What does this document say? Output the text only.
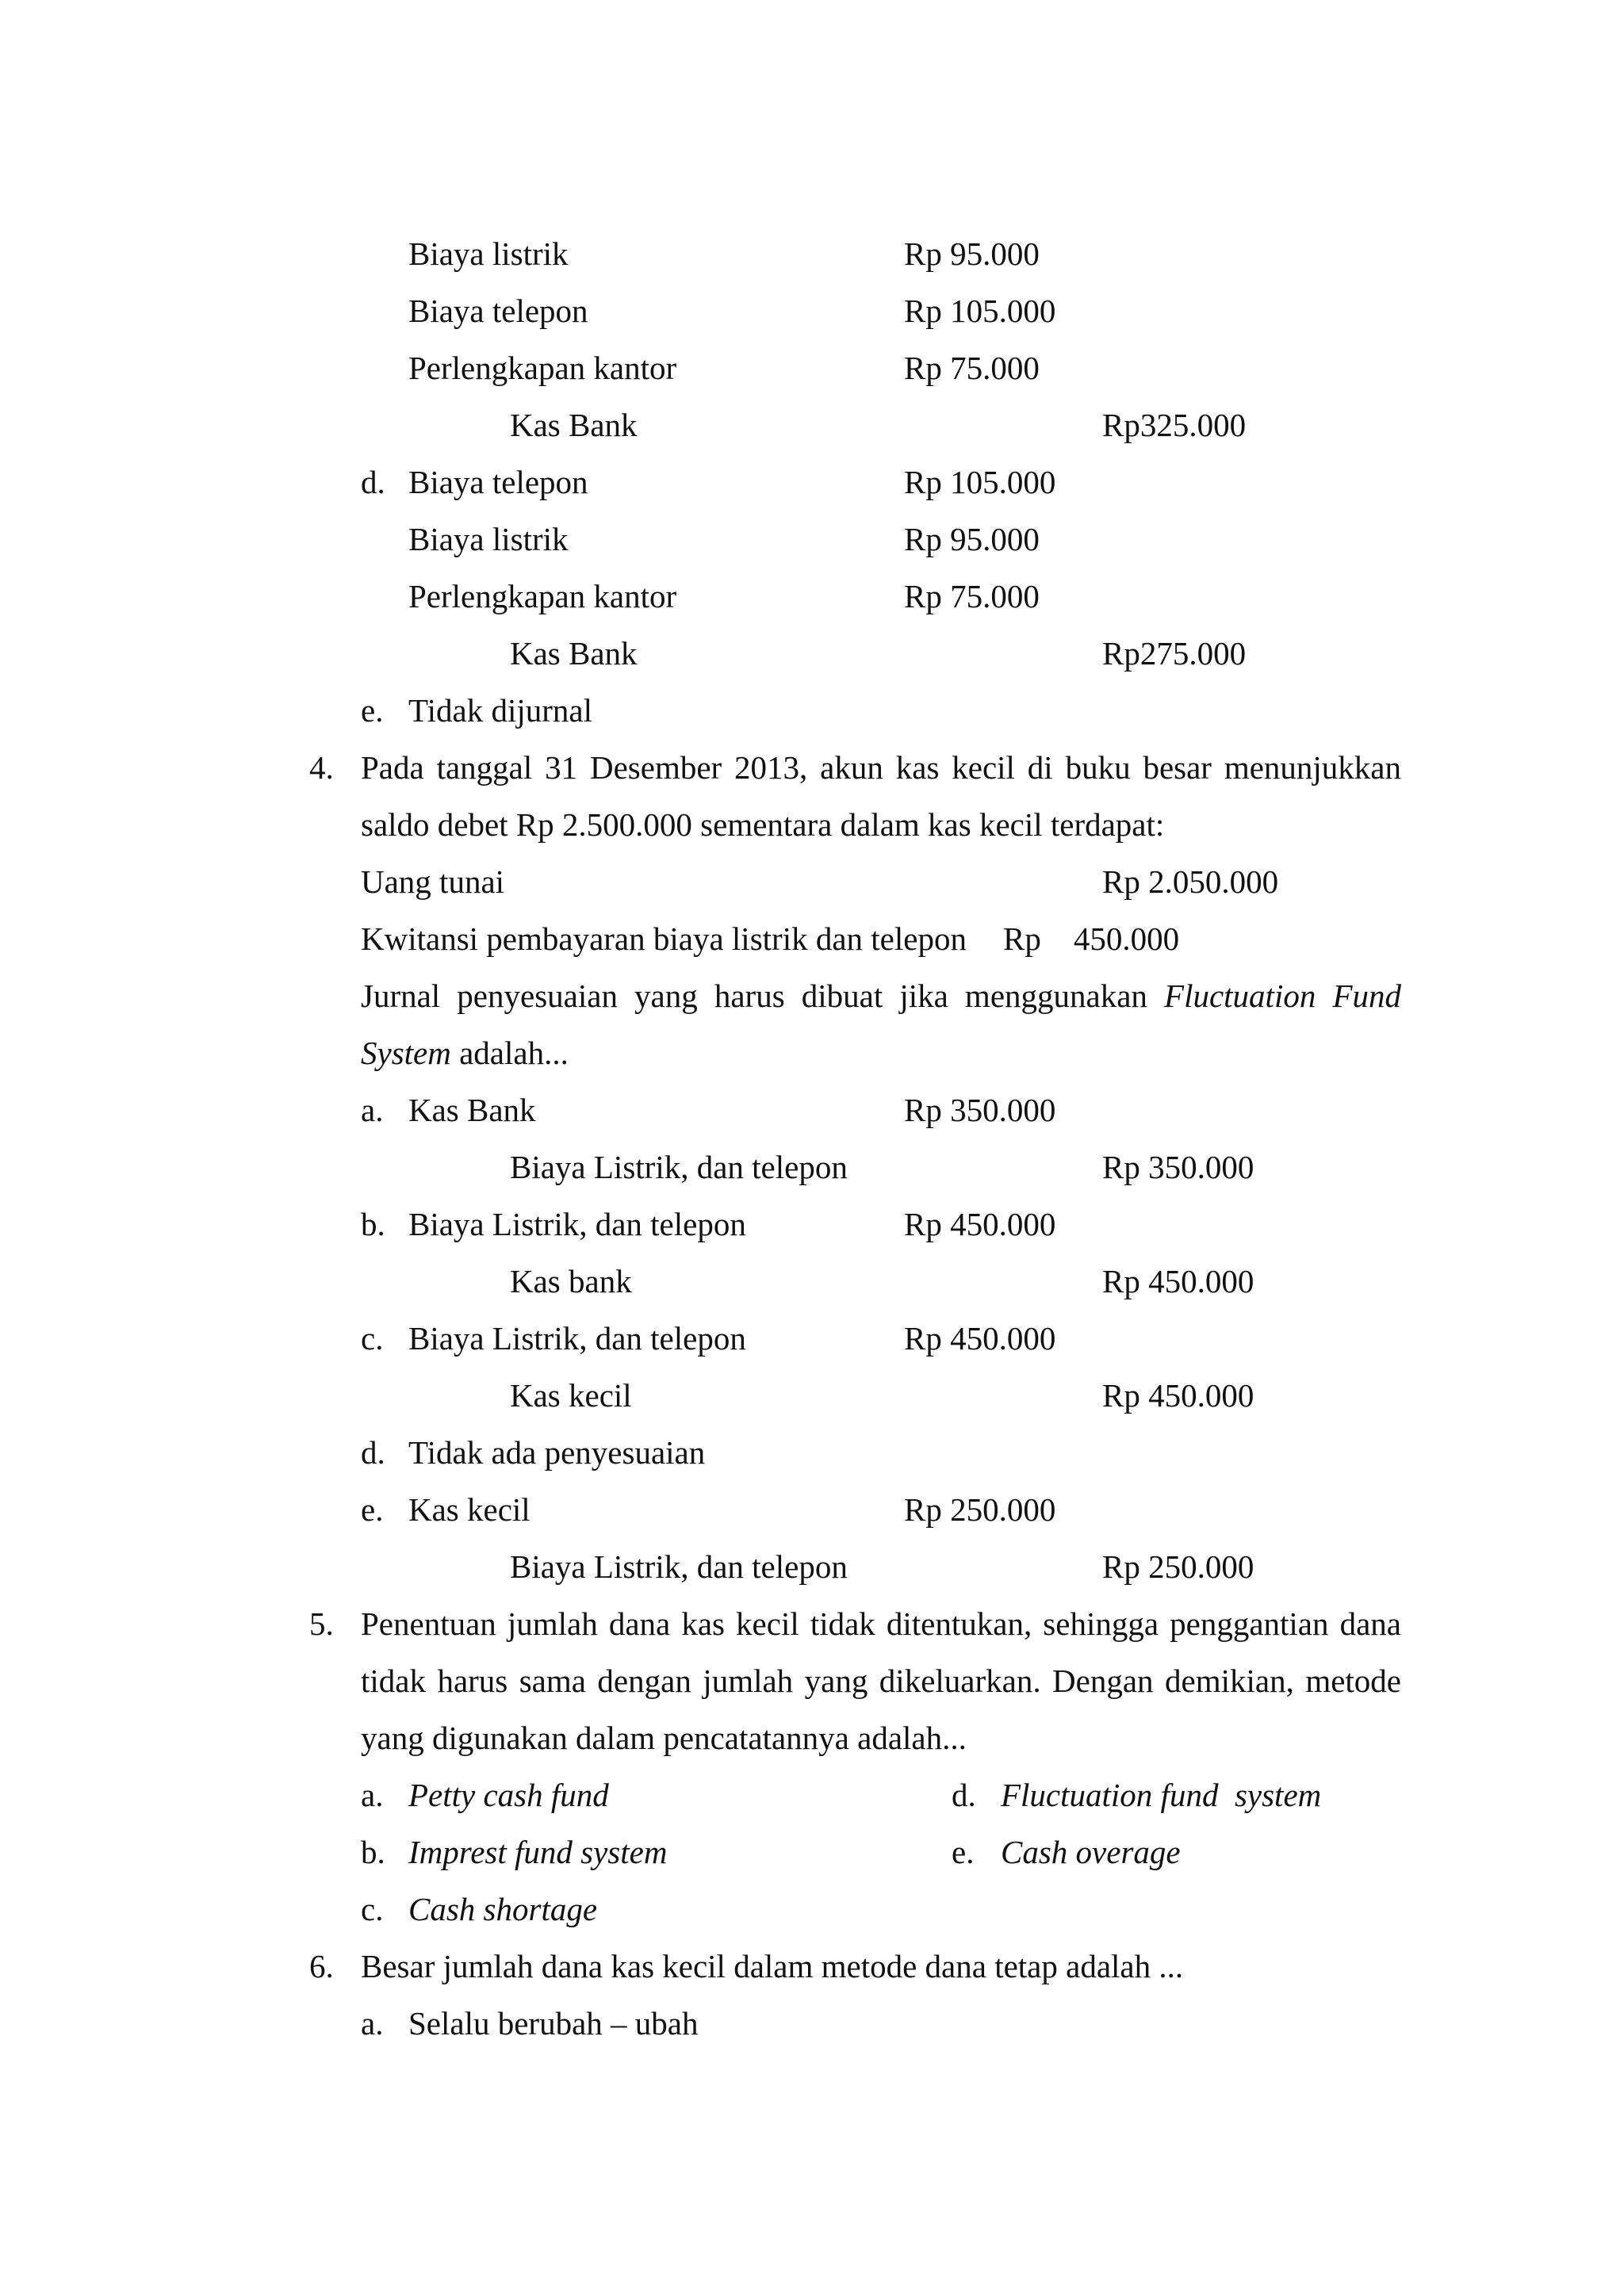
Biaya listrik	Rp 95.000
Biaya telepon	Rp 105.000
Perlengkapan kantor	Rp 75.000
Kas Bank	Rp325.000
d. Biaya telepon	Rp 105.000
Biaya listrik	Rp 95.000
Perlengkapan kantor	Rp 75.000
Kas Bank	Rp275.000
e. Tidak dijurnal
4. Pada tanggal 31 Desember 2013, akun kas kecil di buku besar menunjukkan
saldo debet Rp 2.500.000 sementara dalam kas kecil terdapat:
Uang tunai	Rp 2.050.000
Kwitansi pembayaran biaya listrik dan telepon Rp    450.000
Jurnal penyesuaian yang harus dibuat jika menggunakan Fluctuation Fund
System adalah...
a. Kas Bank	Rp 350.000
Biaya Listrik, dan telepon	Rp 350.000
b. Biaya Listrik, dan telepon	Rp 450.000
Kas bank	Rp 450.000
c. Biaya Listrik, dan telepon	Rp 450.000
Kas kecil	Rp 450.000
d. Tidak ada penyesuaian
e. Kas kecil	Rp 250.000
Biaya Listrik, dan telepon	Rp 250.000
5. Penentuan jumlah dana kas kecil tidak ditentukan, sehingga penggantian dana
tidak harus sama dengan jumlah yang dikeluarkan. Dengan demikian, metode
yang digunakan dalam pencatatannya adalah...
a. Petty cash fund	d. Fluctuation fund  system
b. Imprest fund system	e. Cash overage
c. Cash shortage
6. Besar jumlah dana kas kecil dalam metode dana tetap adalah ...
a. Selalu berubah – ubah
